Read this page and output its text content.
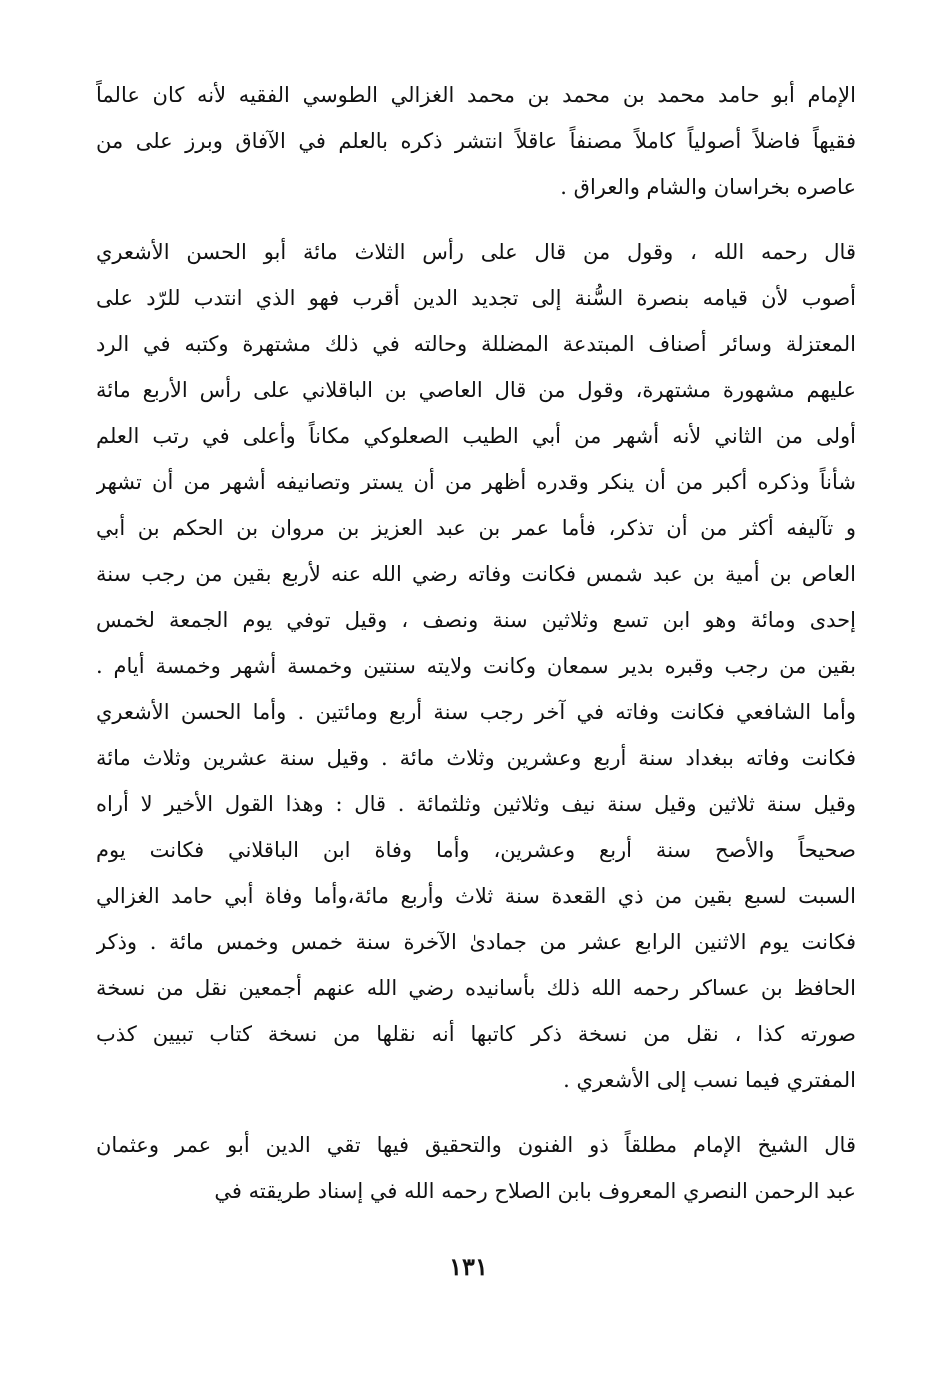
الإمام أبو حامد محمد بن محمد بن محمد الغزالي الطوسي الفقيه لأنه كان عالماً
فقيهاً فاضلاً أصولياً كاملاً مصنفاً عاقلاً انتشر ذكره بالعلم في الآفاق وبرز على من
عاصره بخراسان والشام والعراق .
قال رحمه الله ، وقول من قال على رأس الثلاث مائة أبو الحسن الأشعري
أصوب لأن قيامه بنصرة السُّنة إلى تجديد الدين أقرب فهو الذي انتدب للرّد على
المعتزلة وسائر أصناف المبتدعة المضللة وحالته في ذلك مشتهرة وكتبه في الرد
عليهم مشهورة مشتهرة، وقول من قال العاصي بن الباقلاني على رأس الأربع مائة
أولى من الثاني لأنه أشهر من أبي الطيب الصعلوكي مكاناً وأعلى في رتب العلم
شأناً وذكره أكبر من أن ينكر وقدره أظهر من أن يستر وتصانيفه أشهر من أن تشهر
و تآليفه أكثر من أن تذكر، فأما عمر بن عبد العزيز بن مروان بن الحكم بن أبي
العاص بن أمية بن عبد شمس فكانت وفاته رضي الله عنه لأربع بقين من رجب سنة
إحدى ومائة وهو ابن تسع وثلاثين سنة ونصف ، وقيل توفي يوم الجمعة لخمس
بقين من رجب وقبره بدير سمعان وكانت ولايته سنتين وخمسة أشهر وخمسة أيام .
وأما الشافعي فكانت وفاته في آخر رجب سنة أربع ومائتين . وأما الحسن الأشعري
فكانت وفاته ببغداد سنة أربع وعشرين وثلاث مائة . وقيل سنة عشرين وثلاث مائة
وقيل سنة ثلاثين وقيل سنة نيف وثلاثين وثلثمائة . قال : وهذا القول الأخير لا أراه
صحيحاً والأصح سنة أربع وعشرين، وأما وفاة ابن الباقلاني فكانت يوم
السبت لسبع بقين من ذي القعدة سنة ثلاث وأربع مائة،وأما وفاة أبي حامد الغزالي
فكانت يوم الاثنين الرابع عشر من جمادىٰ الآخرة سنة خمس وخمس مائة . وذكر
الحافظ بن عساكر رحمه الله ذلك بأسانيده رضي الله عنهم أجمعين نقل من نسخة
صورته كذا ، نقل من نسخة ذكر كاتبها أنه نقلها من نسخة كتاب تبيين كذب
المفتري فيما نسب إلى الأشعري .
قال الشيخ الإمام مطلقاً ذو الفنون والتحقيق فيها تقي الدين أبو عمر وعثمان
عبد الرحمن النصري المعروف بابن الصلاح رحمه الله في إسناد طريقته في
١٣١
